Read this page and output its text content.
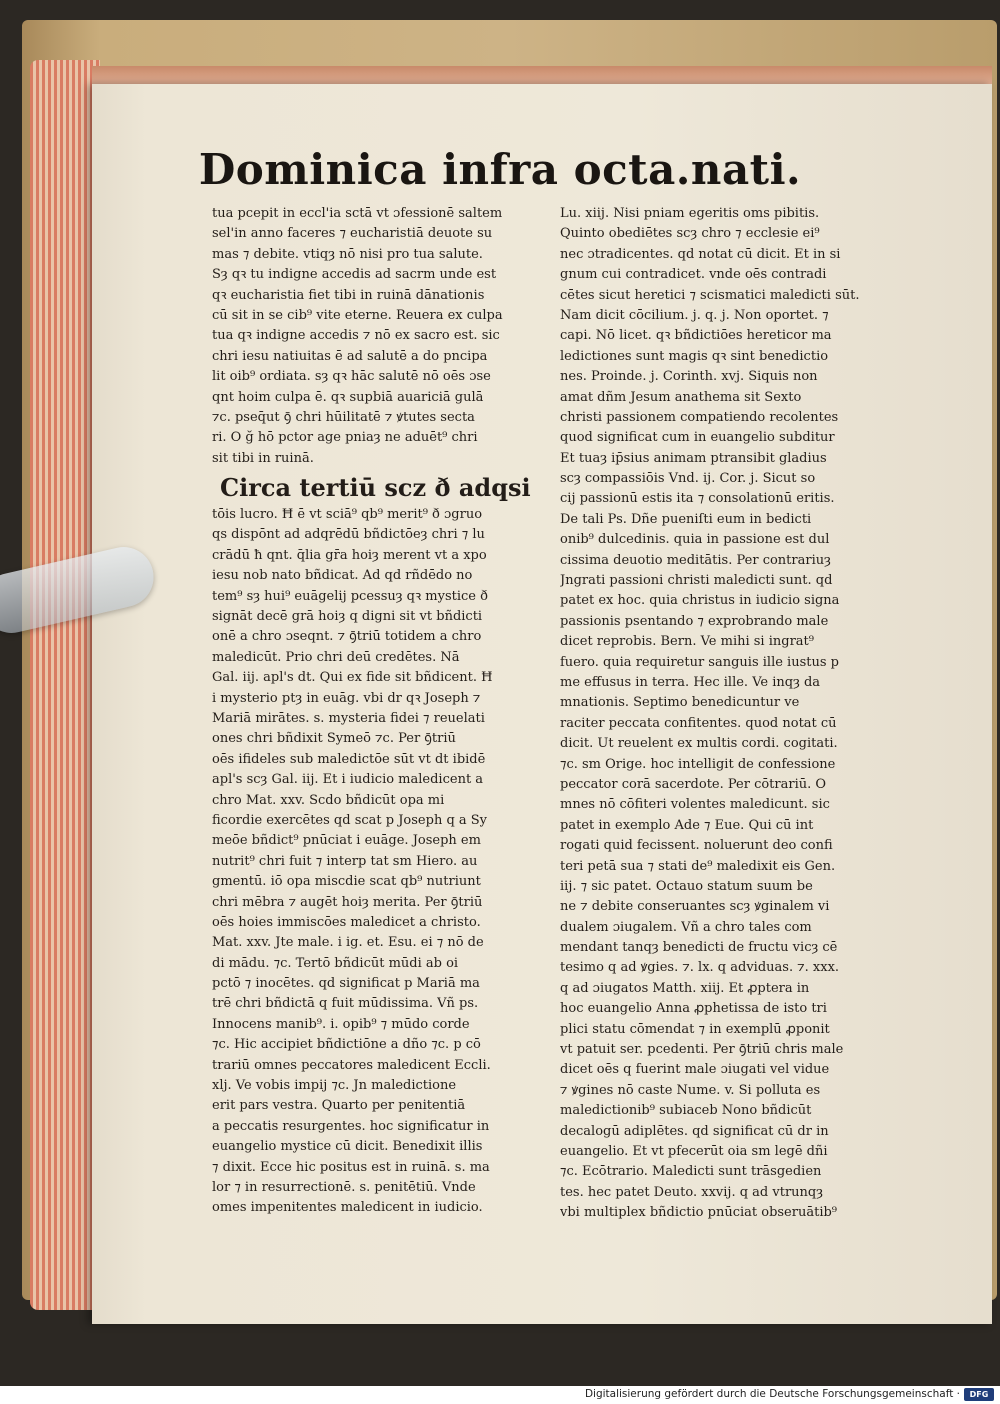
Dominica infra octa.nati.
tua pcepit in eccl'ia sctā vt ɔfessionē saltem
sel'in anno faceres ⁊ eucharistiā deuote su
mas ⁊ debite. vtiqȝ nō nisi pro tua salute.
Sȝ qꝛ tu indigne accedis ad sacrm unde est
qꝛ eucharistia fiet tibi in ruinā dānationis
cū sit in se cib⁹ vite eterne. Reuera ex culpa
tua qꝛ indigne accedis ⁊ nō ex sacro est. sic
chri iesu natiuitas ē ad salutē a do pncipa
lit oib⁹ ordiata. sȝ qꝛ hāc salutē nō oēs ɔse
qnt hoim culpa ē. qꝛ supbiā auariciā gulā
⁊c. pseq̄ut ꝯ̄ chri hūilitatē ⁊ ꝟtutes secta
ri. O ğ hō pctor age pniaȝ ne aduēt⁹ chri
sit tibi in ruinā.
Circa tertiū scz ð adqsi
tōis lucro. Ħ ē vt sciā⁹ qb⁹ merit⁹ ð ɔgruo
qs dispōnt ad adqrēdū bñdictōeȝ chri ⁊ lu
crādū ħ qnt. q̄lia gr̄a hoiȝ merent vt a xpo
iesu nob nato bñdicat. Ad qd rñdēdo no
tem⁹ sȝ hui⁹ euāgelij pcessuȝ qꝛ mystice ð
signāt decē grā hoiȝ q digni sit vt bñdicti
onē a chro ɔseqnt. ⁊ ꝯ̄triū totidem a chro
maledicūt. Prio chri deū credētes. Nā
Gal. iij. apl's dt. Qui ex fide sit bñdicent. Ħ
i mysterio ptȝ in euāg. vbi dr qꝛ Joseph ⁊
Mariā mirātes. s. mysteria fidei ⁊ reuelati
ones chri bñdixit Symeō ⁊c. Per ꝯ̄triū
oēs ifideles sub maledictōe sūt vt dt ibidē
apl's scȝ Gal. iij. Et i iudicio maledicent a
chro Mat. xxv. Scdo bñdicūt opa mi
ficordie exercētes qd scat p Joseph q a Sy
meōe bñdict⁹ pnūciat i euāge. Joseph em
nutrit⁹ chri fuit ⁊ interp tat sm Hiero. au
gmentū. iō opa miscdie scat qb⁹ nutriunt
chri mēbra ⁊ augēt hoiȝ merita. Per ꝯ̄triū
oēs hoies immiscōes maledicet a christo.
Mat. xxv. Jte male. i ig. et. Esu. ei ⁊ nō de
di mādu. ⁊c. Tertō bñdicūt mūdi ab oi
pctō ⁊ inocētes. qd significat p Mariā ma
trē chri bñdictā q fuit mūdissima. Vñ ps.
Innocens manib⁹. i. opib⁹ ⁊ mūdo corde
⁊c. Hic accipiet bñdictiōne a dño ⁊c. p cō
trariū omnes peccatores maledicent Eccli.
xlj. Ve vobis impij ⁊c. Jn maledictione
erit pars vestra. Quarto per penitentiā
a peccatis resurgentes. hoc significatur in
euangelio mystice cū dicit. Benedixit illis
⁊ dixit. Ecce hic positus est in ruinā. s. ma
lor ⁊ in resurrectionē. s. penitētiū. Vnde
omes impenitentes maledicent in iudicio.
Lu. xiij. Nisi pniam egeritis oms pibitis.
Quinto obediētes scȝ chro ⁊ ecclesie ei⁹
nec ɔtradicentes. qd notat cū dicit. Et in si
gnum cui contradicet. vnde oēs contradi
cētes sicut heretici ⁊ scismatici maledicti sūt.
Nam dicit cōcilium. j. q. j. Non oportet. ⁊
capi. Nō licet. qꝛ bñdictiōes hereticor ma
ledictiones sunt magis qꝛ sint benedictio
nes. Proinde. j. Corinth. xvj. Siquis non
amat dñm Jesum anathema sit Sexto
christi passionem compatiendo recolentes
quod significat cum in euangelio subditur
Et tuaȝ ip̄sius animam ptransibit gladius
scȝ compassiōis Vnd. ij. Cor. j. Sicut so
cij passionū estis ita ⁊ consolationū eritis.
De tali Ps. Dñe pueniſti eum in bedicti
onib⁹ dulcedinis. quia in passione est dul
cissima deuotio meditātis. Per contrariuȝ
Jngrati passioni christi maledicti sunt. qd
patet ex hoc. quia christus in iudicio signa
passionis psentando ⁊ exprobrando male
dicet reprobis. Bern. Ve mihi si ingrat⁹
fuero. quia requiretur sanguis ille iustus p
me effusus in terra. Hec ille. Ve inqȝ da
mnationis. Septimo benedicuntur ve
raciter peccata confitentes. quod notat cū
dicit. Ut reuelent ex multis cordi. cogitati.
⁊c. sm Orige. hoc intelligit de confessione
peccator corā sacerdote. Per cōtrariū. O
mnes nō cōfiteri volentes maledicunt. sic
patet in exemplo Ade ⁊ Eue. Qui cū int
rogati quid fecissent. noluerunt deo confi
teri petā sua ⁊ stati de⁹ maledixit eis Gen.
iij. ⁊ sic patet. Octauo statum suum be
ne ⁊ debite conseruantes scȝ ꝟginalem vi
dualem ɔiugalem. Vñ a chro tales com
mendant tanqȝ benedicti de fructu vicȝ cē
tesimo q ad ꝟgies. ⁊. lx. q adviduas. ⁊. xxx.
q ad ɔiugatos Matth. xiij. Et ꝓptera in
hoc euangelio Anna ꝓphetissa de isto tri
plici statu cōmendat ⁊ in exemplū ꝓponit
vt patuit ser. pcedenti. Per ꝯ̄triū chris male
dicet oēs q fuerint male ɔiugati vel vidue
⁊ ꝟgines nō caste Nume. v. Si polluta es
maledictionib⁹ subiaceb Nono bñdicūt
decalogū adiplētes. qd significat cū dr in
euangelio. Et vt pfecerūt oia sm legē dñi
⁊c. Ecōtrario. Maledicti sunt trāsgedien
tes. hec patet Deuto. xxvij. q ad vtrunqȝ
vbi multiplex bñdictio pnūciat obseruātib⁹
Digitalisierung gefördert durch die Deutsche Forschungsgemeinschaft ·	DFG
